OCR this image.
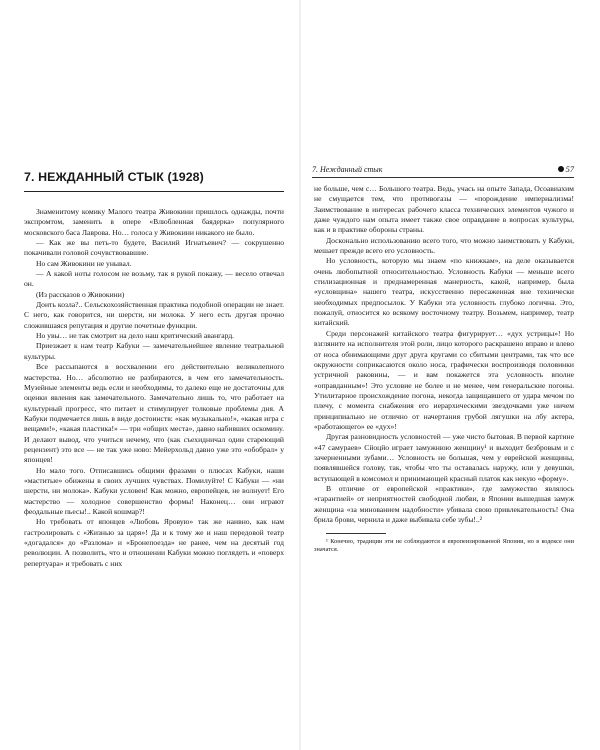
7. НЕЖДАННЫЙ СТЫК (1928)

Знаменитому комику Малого театра Живокини пришлось однажды, почти экспромтом, заменить в опере «Влюбленная баядерка» популярного московского баса Лаврова. Но… голоса у Живокини никакого не было.

— Как же вы петь-то будете, Василий Игнатьевич? — сокрушенно покачивали головой сочувствовавшие.

Но сам Живокини не унывал.

— А какой ноты голосом не возьму, так я рукой покажу, — весело отвечал он.

(Из рассказов о Живокини)

Доить козла?.. Сельскохозяйственная практика подобной операции не знает. С него, как говорится, ни шерсти, ни молока. У него есть другая прочно сложившаяся репутация и другие почетные функции.

Но увы… не так смотрит на дело наш критический авангард.

Приезжает к нам театр Кабуки — замечательнейшее явление театральной культуры.

Все рассыпаются в восхвалении его действительно великолепного мастерства. Но… абсолютно не разбираются, в чем его замечательность. Музейные элементы ведь если и необходимы, то далеко еще не достаточны для оценки явления как замечательного. Замечательно лишь то, что работает на культурный прогресс, что питает и стимулирует толковые проблемы дня. А Кабуки подмечается лишь в виде достоинств: «как музыкально!», «какая игра с вещами!», «какая пластика!» — три «общих места», давно набивших оскомину. И делают вывод, что учиться нечему, что (как съехидничал один стареющий рецензент) это все — не так уже ново: Мейерхольд давно уже это «обобрал» у японцев!

Но мало того. Отписавшись общими фразами о плюсах Кабуки, наши «маститые» обижены в своих лучших чувствах. Помилуйте! С Кабуки — «ни шерсти, ни молока». Кабуки условен! Как можно, европейцев, не волнует! Его мастерство — холодное совершенство формы! Наконец… они играют феодальные пьесы!.. Какой кошмар?!

Но требовать от японцев «Любовь Яровую» так же наивно, как нам гастролировать с «Жизнью за царя»! Да и к тому же и наш передовой театр «догадался» до «Разлома» и «Бронепоезда» не ранее, чем на десятый год революции. А позволить, что и отношении Кабуки можно поглядеть и «поверх репертуара» и требовать с них

7. Нежданный стык	57

не больше, чем с… Большого театра. Ведь, учась на опыте Запада, Осоавиахим не смущается тем, что противогазы — «порождение империализма! Заимствование в интересах рабочего класса технических элементов чужого и даже чуждого нам опыта имеет также свое оправдание в вопросах культуры, как и в практике обороны страны.

Досконально использованию всего того, что можно заимствовать у Кабуки, мешает прежде всего его условность.

Но условность, которую мы знаем «по книжкам», на деле оказывается очень любопытной относительностью. Условность Кабуки — меньше всего стилизационная и преднамеренная манерность, какой, например, была «условщина» нашего театра, искусственно пересаженная вне технически необходимых предпосылок. У Кабуки эта условность глубоко логична. Это, пожалуй, относится ко всякому восточному театру. Возьмем, например, театр китайский.

Среди персонажей китайского театра фигурирует… «дух устрицы»! Но взгляните на исполнителя этой роли, лицо которого раскрашено вправо и влево от носа обнимающими друг друга кругами со сбитыми центрами, так что все окружности соприкасаются около носа, графически воспроизводя половинки устричной раковины, — и вам покажется эта условность вполне «оправданным»! Это условие не более и не менее, чем генеральские погоны. Утилитарное происхождение погона, некогда защищавшего от удара мечом по плечу, с момента снабжения его иерархическими звездочками уже ничем принципиально не отлично от начертания грубой лягушки на лбу актера, «работающего» ее «дух»!

Другая разновидность условностей — уже чисто бытовая. В первой картине «47 самураев» Сйоцйо играет замужнюю женщину¹ и выходит безбровым и с зачерненными зубами… Условность не большая, чем у еврейской женщины, появлявшейся голову, так, чтобы что ты оставалась наружу, или у девушки, вступающей в комсомол и принимающей красный платок как некую «форму».

В отличие от европейской «практики», где замужество являлось «гарантией» от неприятностей свободной любви, в Японии вышедшая замуж женщина «за минованием надобности» убивала свою привлекательность! Она брила брови, чернила и даже выбивала себе зубы!..²

¹ Конечно, традиции эти не соблюдаются в европеизированной Японии, но в кодексе они значатся.
